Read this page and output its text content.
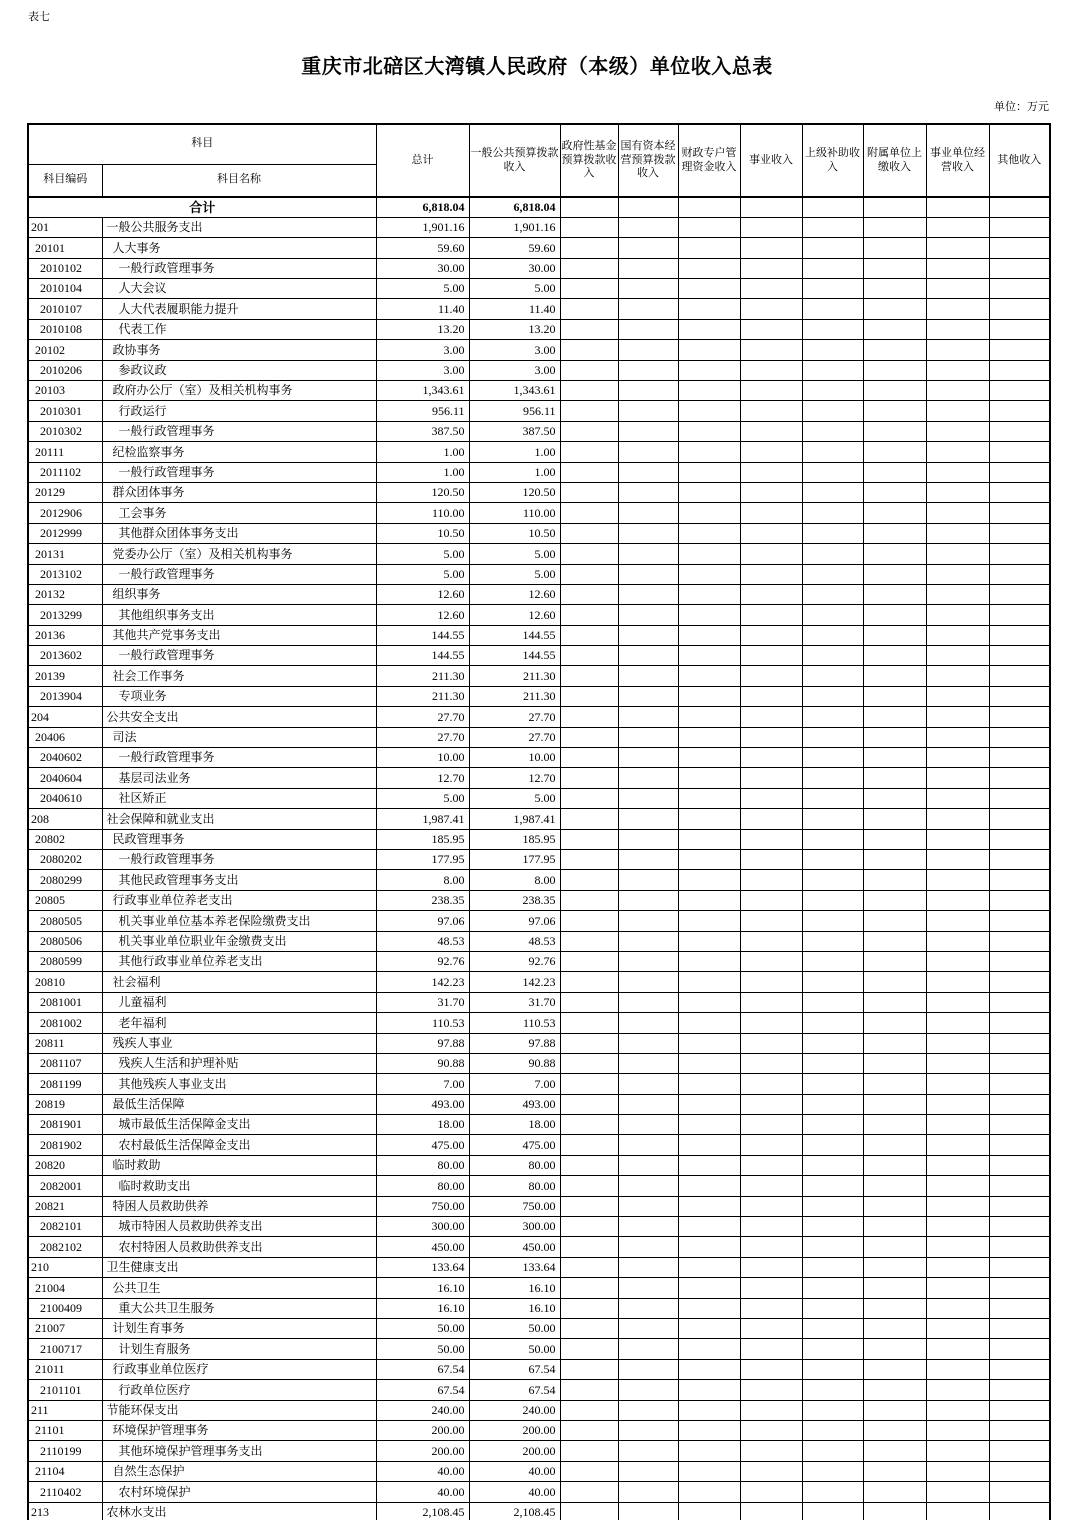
表七
重庆市北碚区大湾镇人民政府（本级）单位收入总表
单位：万元
科目		总计	一般公共预算拨款收入	政府性基金预算拨款收入	国有资本经营预算拨款收入	财政专户管理资金收入	事业收入	上级补助收入	附属单位上缴收入	事业单位经营收入	其他收入
科目编码	科目名称										
合计		6,818.04	6,818.04								
201	一般公共服务支出	1,901.16	1,901.16								
20101	人大事务	59.60	59.60								
2010102	一般行政管理事务	30.00	30.00								
2010104	人大会议	5.00	5.00								
2010107	人大代表履职能力提升	11.40	11.40								
2010108	代表工作	13.20	13.20								
20102	政协事务	3.00	3.00								
2010206	参政议政	3.00	3.00								
20103	政府办公厅（室）及相关机构事务	1,343.61	1,343.61								
2010301	行政运行	956.11	956.11								
2010302	一般行政管理事务	387.50	387.50								
20111	纪检监察事务	1.00	1.00								
2011102	一般行政管理事务	1.00	1.00								
20129	群众团体事务	120.50	120.50								
2012906	工会事务	110.00	110.00								
2012999	其他群众团体事务支出	10.50	10.50								
20131	党委办公厅（室）及相关机构事务	5.00	5.00								
2013102	一般行政管理事务	5.00	5.00								
20132	组织事务	12.60	12.60								
2013299	其他组织事务支出	12.60	12.60								
20136	其他共产党事务支出	144.55	144.55								
2013602	一般行政管理事务	144.55	144.55								
20139	社会工作事务	211.30	211.30								
2013904	专项业务	211.30	211.30								
204	公共安全支出	27.70	27.70								
20406	司法	27.70	27.70								
2040602	一般行政管理事务	10.00	10.00								
2040604	基层司法业务	12.70	12.70								
2040610	社区矫正	5.00	5.00								
208	社会保障和就业支出	1,987.41	1,987.41								
20802	民政管理事务	185.95	185.95								
2080202	一般行政管理事务	177.95	177.95								
2080299	其他民政管理事务支出	8.00	8.00								
20805	行政事业单位养老支出	238.35	238.35								
2080505	机关事业单位基本养老保险缴费支出	97.06	97.06								
2080506	机关事业单位职业年金缴费支出	48.53	48.53								
2080599	其他行政事业单位养老支出	92.76	92.76								
20810	社会福利	142.23	142.23								
2081001	儿童福利	31.70	31.70								
2081002	老年福利	110.53	110.53								
20811	残疾人事业	97.88	97.88								
2081107	残疾人生活和护理补贴	90.88	90.88								
2081199	其他残疾人事业支出	7.00	7.00								
20819	最低生活保障	493.00	493.00								
2081901	城市最低生活保障金支出	18.00	18.00								
2081902	农村最低生活保障金支出	475.00	475.00								
20820	临时救助	80.00	80.00								
2082001	临时救助支出	80.00	80.00								
20821	特困人员救助供养	750.00	750.00								
2082101	城市特困人员救助供养支出	300.00	300.00								
2082102	农村特困人员救助供养支出	450.00	450.00								
210	卫生健康支出	133.64	133.64								
21004	公共卫生	16.10	16.10								
2100409	重大公共卫生服务	16.10	16.10								
21007	计划生育事务	50.00	50.00								
2100717	计划生育服务	50.00	50.00								
21011	行政事业单位医疗	67.54	67.54								
2101101	行政单位医疗	67.54	67.54								
211	节能环保支出	240.00	240.00								
21101	环境保护管理事务	200.00	200.00								
2110199	其他环境保护管理事务支出	200.00	200.00								
21104	自然生态保护	40.00	40.00								
2110402	农村环境保护	40.00	40.00								
213	农林水支出	2,108.45	2,108.45								
